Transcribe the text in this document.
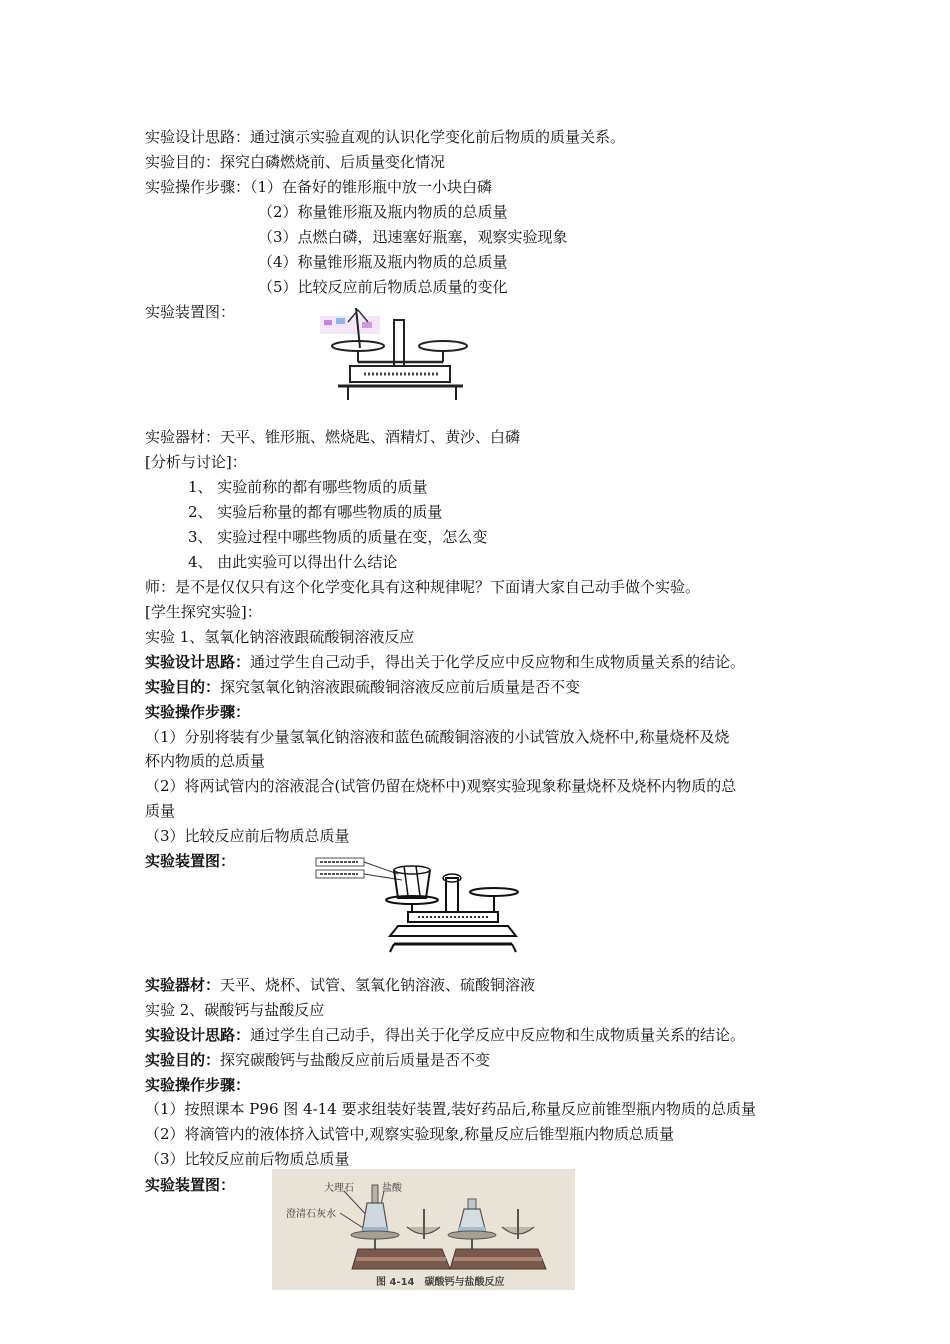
实验设计思路：通过演示实验直观的认识化学变化前后物质的质量关系。
实验目的：探究白磷燃烧前、后质量变化情况
实验操作步骤：（1）在备好的锥形瓶中放一小块白磷
（2）称量锥形瓶及瓶内物质的总质量
（3）点燃白磷，迅速塞好瓶塞，观察实验现象
（4）称量锥形瓶及瓶内物质的总质量
（5）比较反应前后物质总质量的变化
实验装置图：
实验器材：天平、锥形瓶、燃烧匙、酒精灯、黄沙、白磷
[分析与讨论]：
1、 实验前称的都有哪些物质的质量
2、 实验后称量的都有哪些物质的质量
3、 实验过程中哪些物质的质量在变，怎么变
4、 由此实验可以得出什么结论
师：是不是仅仅只有这个化学变化具有这种规律呢？下面请大家自己动手做个实验。
[学生探究实验]：
实验 1、氢氧化钠溶液跟硫酸铜溶液反应
实验设计思路：通过学生自己动手，得出关于化学反应中反应物和生成物质量关系的结论。
实验目的：探究氢氧化钠溶液跟硫酸铜溶液反应前后质量是否不变
实验操作步骤：
（1）分别将装有少量氢氧化钠溶液和蓝色硫酸铜溶液的小试管放入烧杯中,称量烧杯及烧
杯内物质的总质量
（2）将两试管内的溶液混合(试管仍留在烧杯中)观察实验现象称量烧杯及烧杯内物质的总
质量
（3）比较反应前后物质总质量
实验装置图：
实验器材：天平、烧杯、试管、氢氧化钠溶液、硫酸铜溶液
实验 2、碳酸钙与盐酸反应
实验设计思路：通过学生自己动手，得出关于化学反应中反应物和生成物质量关系的结论。
实验目的：探究碳酸钙与盐酸反应前后质量是否不变
实验操作步骤：
（1）按照课本 P96 图 4-14 要求组装好装置,装好药品后,称量反应前锥型瓶内物质的总质量
（2）将滴管内的液体挤入试管中,观察实验现象,称量反应后锥型瓶内物质总质量
（3）比较反应前后物质总质量
实验装置图：	大理石	盐酸
澄清石灰水
图 4-14　碳酸钙与盐酸反应
